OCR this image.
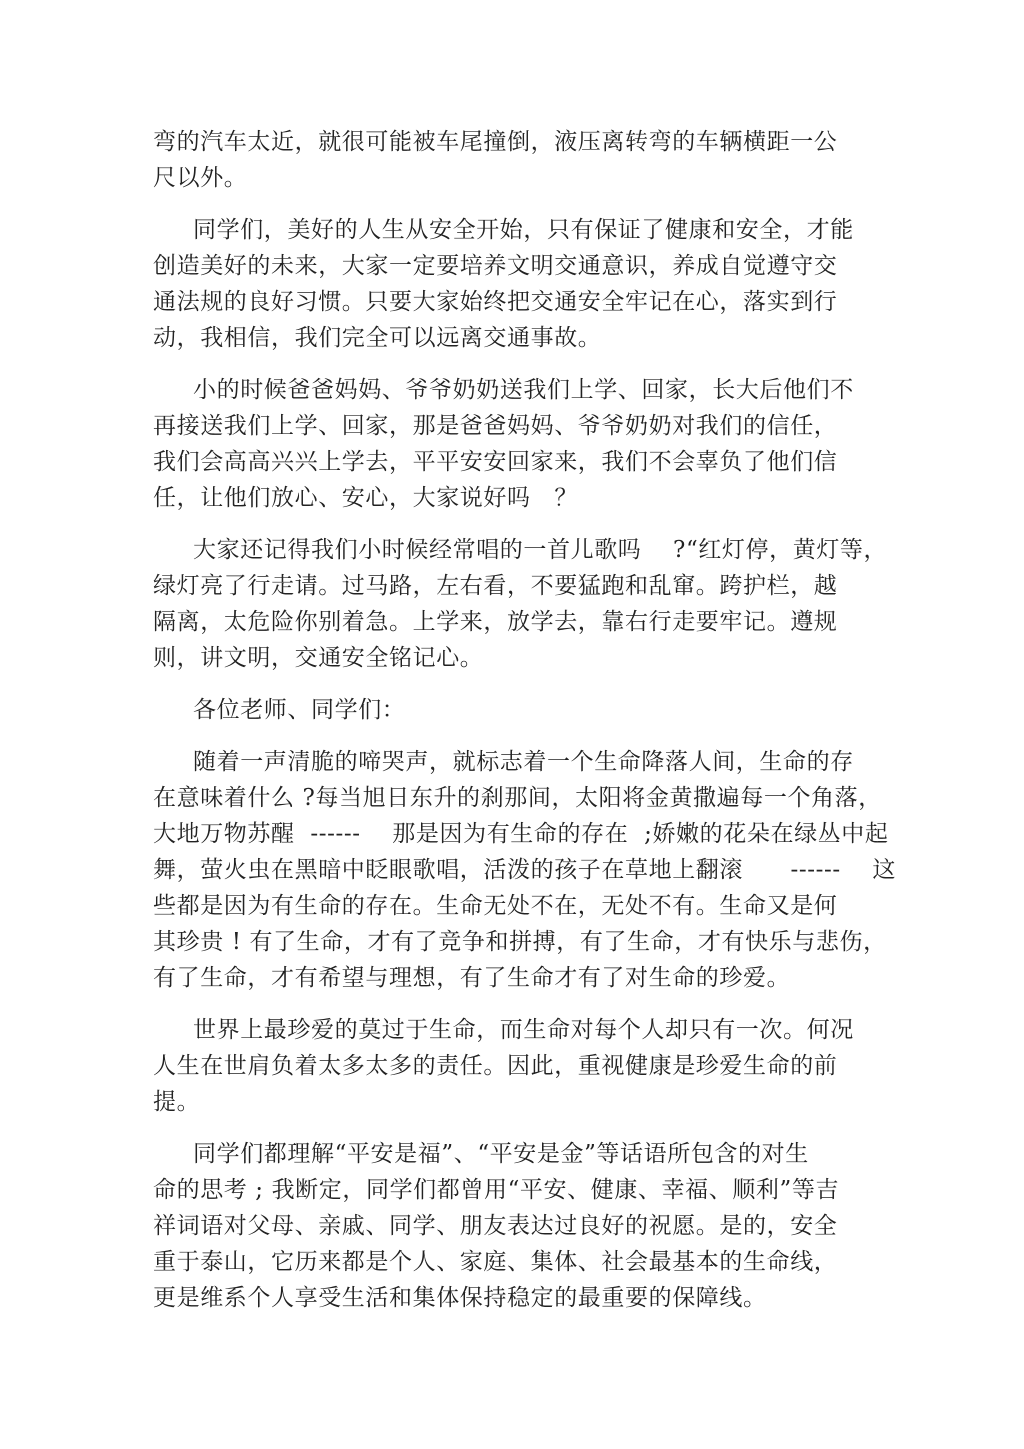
弯的汽车太近，就很可能被车尾撞倒，液压离转弯的车辆横距一公
尺以外。
同学们，美好的人生从安全开始，只有保证了健康和安全，才能
创造美好的未来，大家一定要培养文明交通意识，养成自觉遵守交
通法规的良好习惯。只要大家始终把交通安全牢记在心，落实到行
动，我相信，我们完全可以远离交通事故。
小的时候爸爸妈妈、爷爷奶奶送我们上学、回家，长大后他们不
再接送我们上学、回家，那是爸爸妈妈、爷爷奶奶对我们的信任，
我们会高高兴兴上学去，平平安安回家来，我们不会辜负了他们信
任，让他们放心、安心，大家说好吗   ？
大家还记得我们小时候经常唱的一首儿歌吗    ?“红灯停，黄灯等，
绿灯亮了行走请。过马路，左右看，不要猛跑和乱窜。跨护栏，越
隔离，太危险你别着急。上学来，放学去，靠右行走要牢记。遵规
则，讲文明，交通安全铭记心。
各位老师、同学们：
随着一声清脆的啼哭声，就标志着一个生命降落人间，生命的存
在意味着什么 ?每当旭日东升的刹那间，太阳将金黄撒遍每一个角落，
大地万物苏醒  ------    那是因为有生命的存在  ;娇嫩的花朵在绿丛中起
舞，萤火虫在黑暗中眨眼歌唱，活泼的孩子在草地上翻滚      ------    这
些都是因为有生命的存在。生命无处不在，无处不有。生命又是何
其珍贵 ! 有了生命，才有了竞争和拼搏，有了生命，才有快乐与悲伤，
有了生命，才有希望与理想，有了生命才有了对生命的珍爱。
世界上最珍爱的莫过于生命，而生命对每个人却只有一次。何况
人生在世肩负着太多太多的责任。因此，重视健康是珍爱生命的前
提。
同学们都理解“平安是福”、“平安是金”等话语所包含的对生
命的思考 ; 我断定，同学们都曾用“平安、健康、幸福、顺利”等吉
祥词语对父母、亲戚、同学、朋友表达过良好的祝愿。是的，安全
重于泰山，它历来都是个人、家庭、集体、社会最基本的生命线，
更是维系个人享受生活和集体保持稳定的最重要的保障线。
